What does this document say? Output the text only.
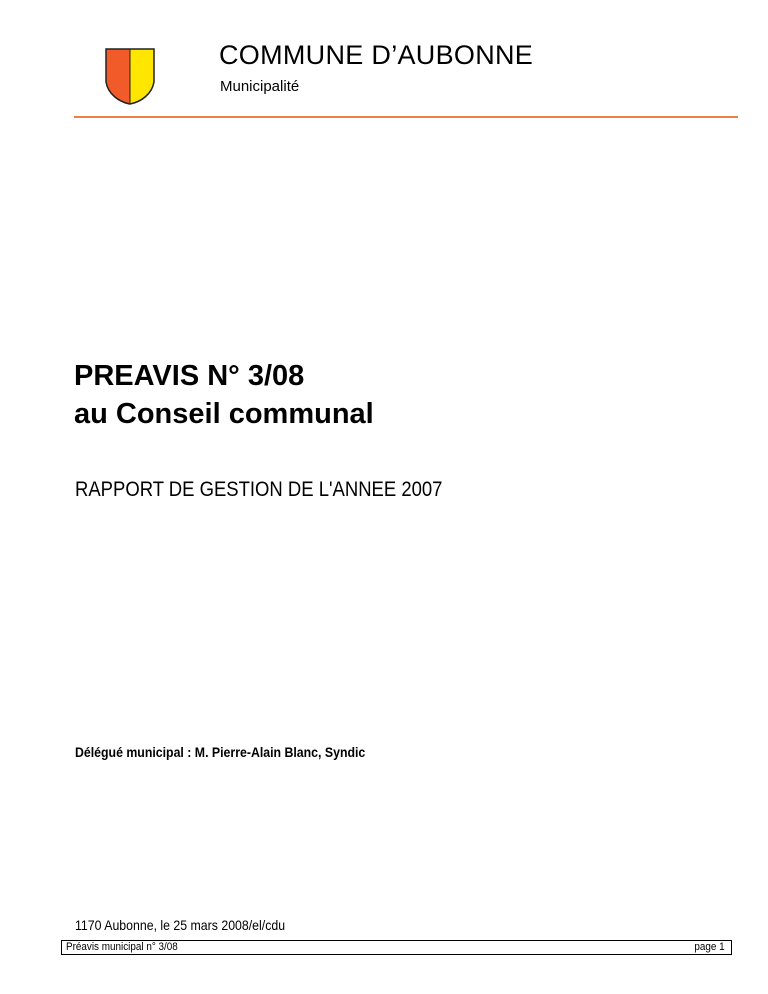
COMMUNE D’AUBONNE
Municipalité
PREAVIS N° 3/08
au Conseil communal
RAPPORT DE GESTION DE L'ANNEE 2007
Délégué municipal : M. Pierre-Alain Blanc, Syndic
1170 Aubonne, le 25 mars 2008/el/cdu
Préavis municipal n° 3/08	page 1
